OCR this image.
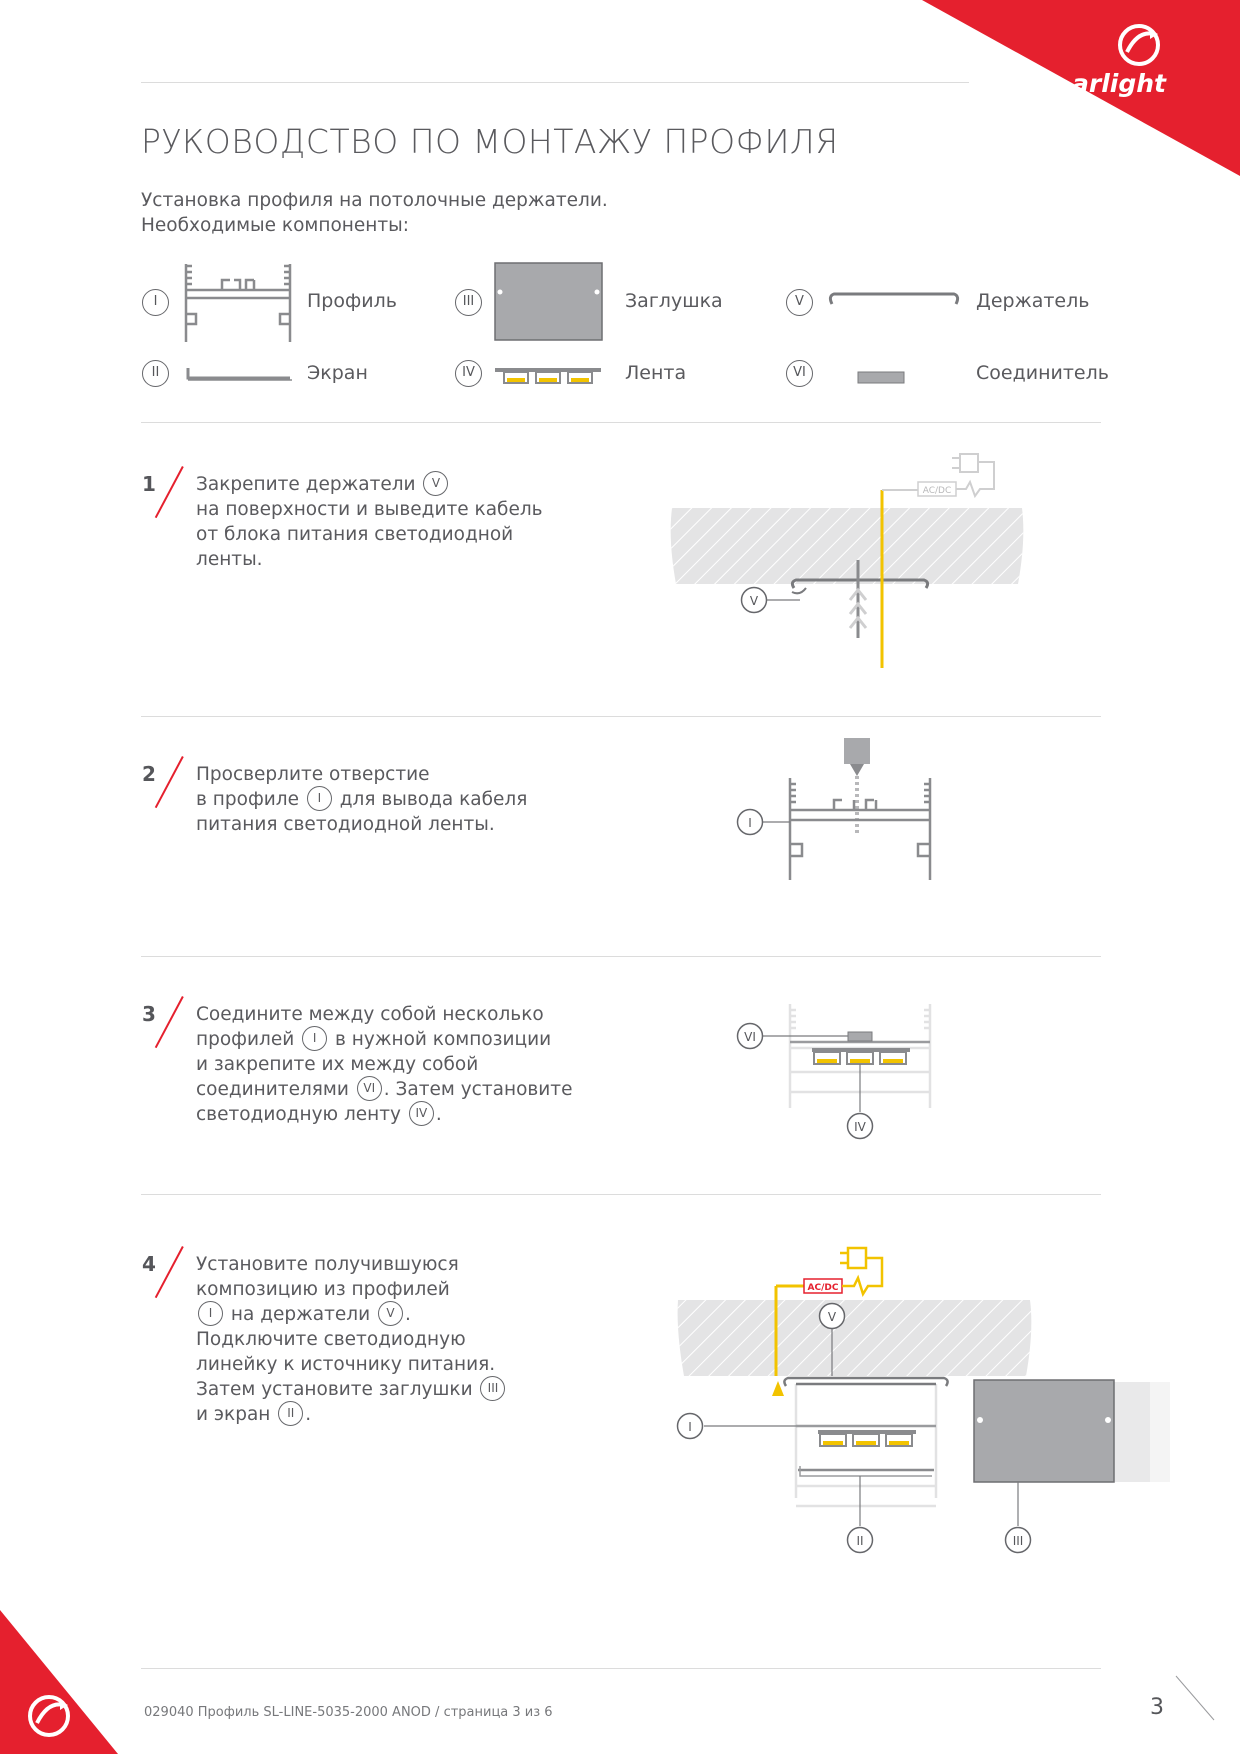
arlight
РУКОВОДСТВО ПО МОНТАЖУ ПРОФИЛЯ
Установка профиля на потолочные держатели.
Необходимые компоненты:
I	Профиль
II	Экран
III	Заглушка
IV	Лента
V	Держатель
VI	Соединитель
1 Закрепите держатели V
на поверхности и выведите кабель
от блока питания светодиодной
ленты.
AC/DC
V
2 Просверлите отверстие
в профиле I для вывода кабеля
питания светодиодной ленты.	I
3 Соедините между собой несколько
профилей I в нужной композиции
и закрепите их между собой
соединителями VI . Затем установите
светодиодную ленту IV .
VI
IV
4 Установите получившуюся
композицию из профилей
I на держатели V .
Подключите светодиодную
линейку к источнику питания.
Затем установите заглушки III
и экран II .
AC/DC
V
I
II	III
029040 Профиль SL-LINE-5035-2000 ANOD / страница 3 из 6	3
